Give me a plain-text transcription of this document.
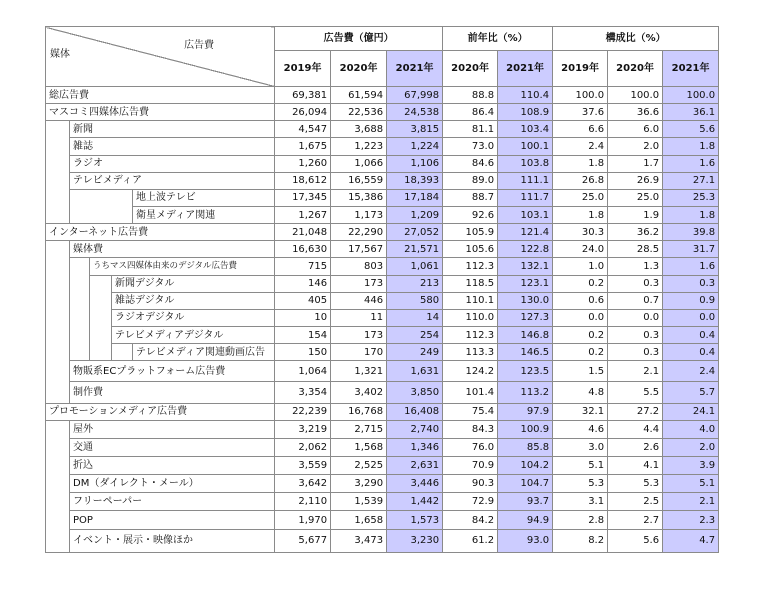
広告費
媒体					広告費（億円）			前年比（%）		構成比（%）		
					2019年	2020年	2021年	2020年	2021年	2019年	2020年	2021年
総広告費					69,381	61,594	67,998	88.8	110.4	100.0	100.0	100.0
マスコミ四媒体広告費					26,094	22,536	24,538	86.4	108.9	37.6	36.6	36.1
	新聞				4,547	3,688	3,815	81.1	103.4	6.6	6.0	5.6
	雑誌				1,675	1,223	1,224	73.0	100.1	2.4	2.0	1.8
	ラジオ				1,260	1,066	1,106	84.6	103.8	1.8	1.7	1.6
	テレビメディア				18,612	16,559	18,393	89.0	111.1	26.8	26.9	27.1
				地上波テレビ	17,345	15,386	17,184	88.7	111.7	25.0	25.0	25.3
				衛星メディア関連	1,267	1,173	1,209	92.6	103.1	1.8	1.9	1.8
インターネット広告費					21,048	22,290	27,052	105.9	121.4	30.3	36.2	39.8
	媒体費				16,630	17,567	21,571	105.6	122.8	24.0	28.5	31.7
		うちマス四媒体由来のデジタル広告費			715	803	1,061	112.3	132.1	1.0	1.3	1.6
			新聞デジタル		146	173	213	118.5	123.1	0.2	0.3	0.3
			雑誌デジタル		405	446	580	110.1	130.0	0.6	0.7	0.9
			ラジオデジタル		10	11	14	110.0	127.3	0.0	0.0	0.0
			テレビメディアデジタル		154	173	254	112.3	146.8	0.2	0.3	0.4
				テレビメディア関連動画広告	150	170	249	113.3	146.5	0.2	0.3	0.4
	物販系ECプラットフォーム広告費				1,064	1,321	1,631	124.2	123.5	1.5	2.1	2.4
	制作費				3,354	3,402	3,850	101.4	113.2	4.8	5.5	5.7
プロモーションメディア広告費					22,239	16,768	16,408	75.4	97.9	32.1	27.2	24.1
	屋外				3,219	2,715	2,740	84.3	100.9	4.6	4.4	4.0
	交通				2,062	1,568	1,346	76.0	85.8	3.0	2.6	2.0
	折込				3,559	2,525	2,631	70.9	104.2	5.1	4.1	3.9
	DM（ダイレクト・メール）				3,642	3,290	3,446	90.3	104.7	5.3	5.3	5.1
	フリーペーパー				2,110	1,539	1,442	72.9	93.7	3.1	2.5	2.1
	POP				1,970	1,658	1,573	84.2	94.9	2.8	2.7	2.3
	イベント・展示・映像ほか				5,677	3,473	3,230	61.2	93.0	8.2	5.6	4.7
